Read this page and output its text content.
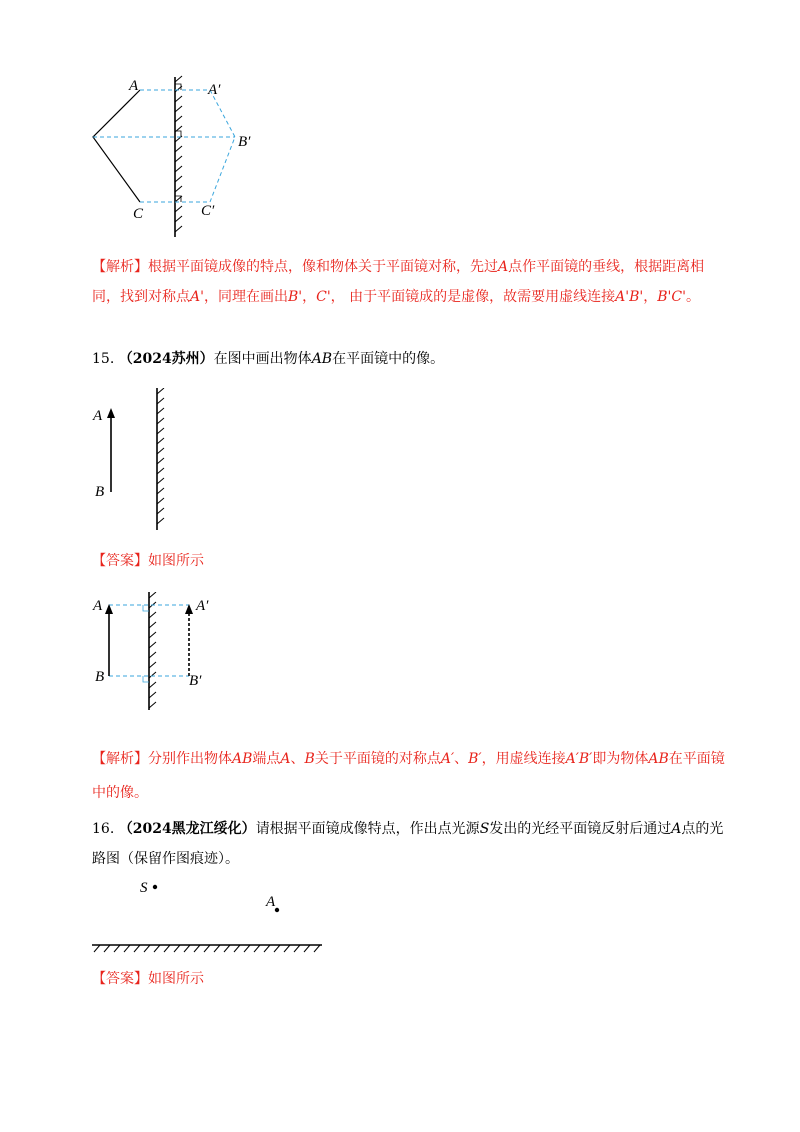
A	A′
B′
C	C′

【解析】根据平面镜成像的特点，像和物体关于平面镜对称，先过A点作平面镜的垂线，根据距离相同，找到对称点A'，同理在画出B'，C'， 由于平面镜成的是虚像，故需要用虚线连接A'B'，B'C'。

15. （2024苏州）在图中画出物体AB在平面镜中的像。

A
B

【答案】如图所示

A
B
A′
B′

【解析】分别作出物体AB端点A、B关于平面镜的对称点A′、B′，用虚线连接A′B′即为物体AB在平面镜中的像。

16. （2024黑龙江绥化）请根据平面镜成像特点，作出点光源S发出的光经平面镜反射后通过A点的光路图（保留作图痕迹）。

S
A

【答案】如图所示
